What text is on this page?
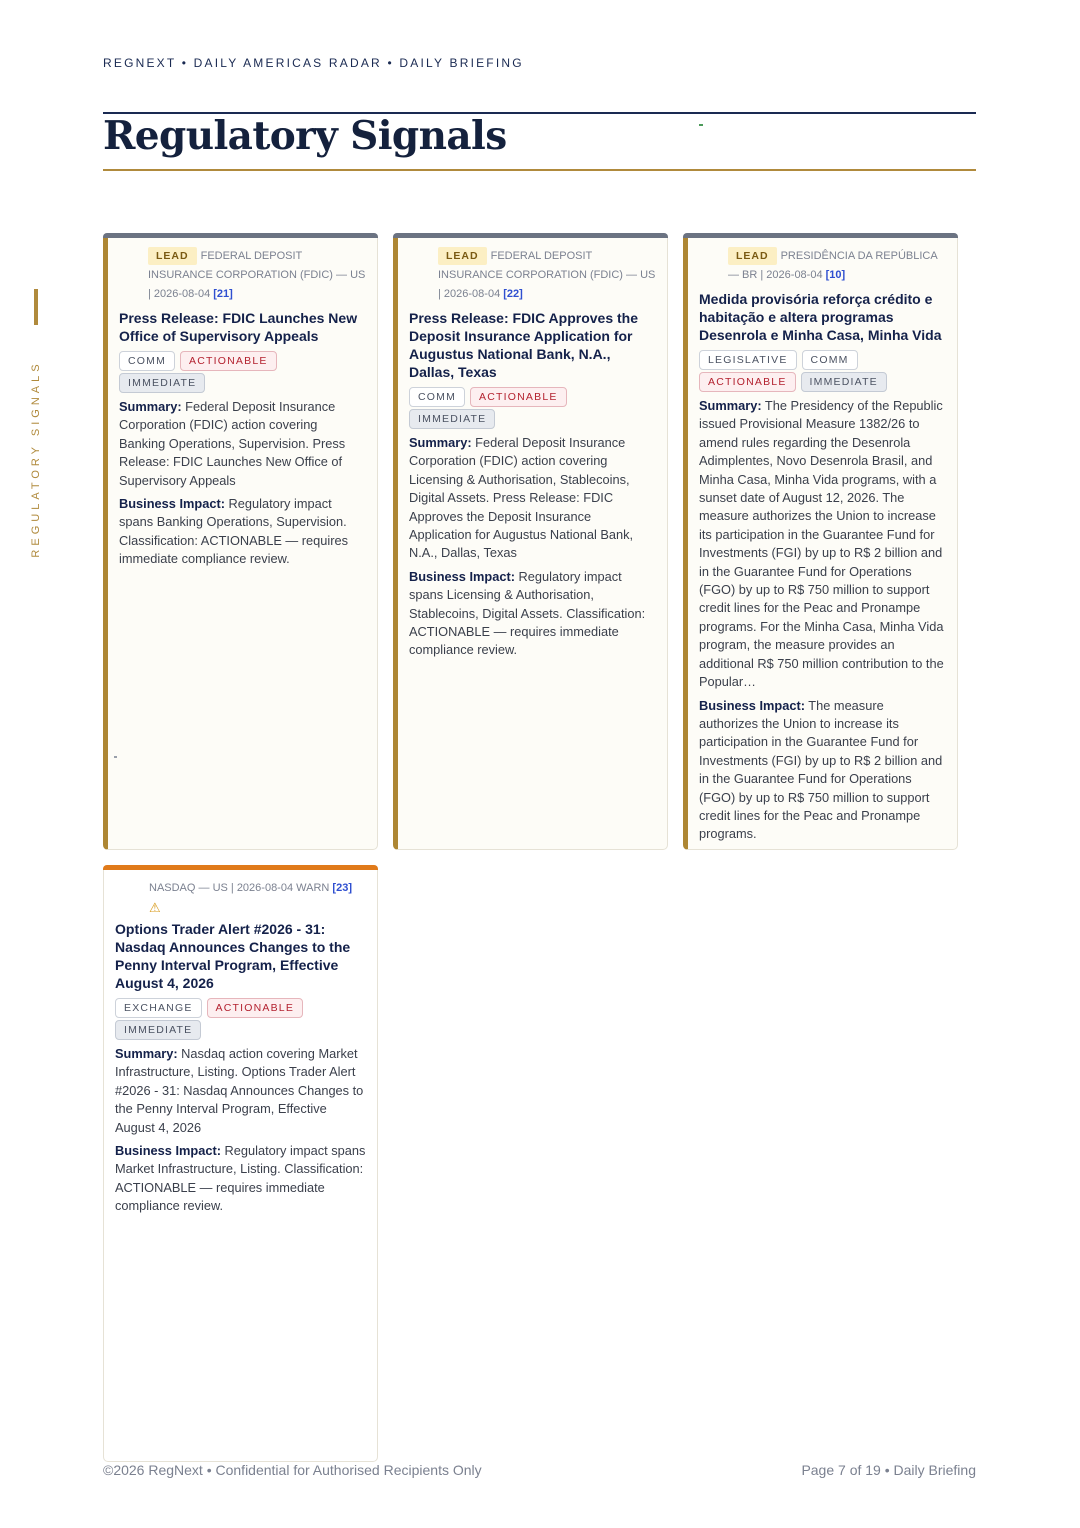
REGNEXT • DAILY AMERICAS RADAR • DAILY BRIEFING
Regulatory Signals
REGULATORY SIGNALS
LEAD FEDERAL DEPOSIT INSURANCE CORPORATION (FDIC) — US | 2026-08-04 [21]
Press Release: FDIC Launches New Office of Supervisory Appeals
COMM ACTIONABLEIMMEDIATE
Summary: Federal Deposit Insurance Corporation (FDIC) action covering Banking Operations, Supervision. Press Release: FDIC Launches New Office of Supervisory Appeals
Business Impact: Regulatory impact spans Banking Operations, Supervision. Classification: ACTIONABLE — requires immediate compliance review.
LEAD FEDERAL DEPOSIT INSURANCE CORPORATION (FDIC) — US | 2026-08-04 [22]
Press Release: FDIC Approves the Deposit Insurance Application for Augustus National Bank, N.A., Dallas, Texas
COMM ACTIONABLEIMMEDIATE
Summary: Federal Deposit Insurance Corporation (FDIC) action covering Licensing & Authorisation, Stablecoins, Digital Assets. Press Release: FDIC Approves the Deposit Insurance Application for Augustus National Bank, N.A., Dallas, Texas
Business Impact: Regulatory impact spans Licensing & Authorisation, Stablecoins, Digital Assets. Classification: ACTIONABLE — requires immediate compliance review.
LEAD PRESIDÊNCIA DA REPÚBLICA — BR | 2026-08-04 [10]
Medida provisória reforça crédito e habitação e altera programas Desenrola e Minha Casa, Minha Vida
LEGISLATIVE COMMACTIONABLE IMMEDIATE
Summary: The Presidency of the Republic issued Provisional Measure 1382/26 to amend rules regarding the Desenrola Adimplentes, Novo Desenrola Brasil, and Minha Casa, Minha Vida programs, with a sunset date of August 12, 2026. The measure authorizes the Union to increase its participation in the Guarantee Fund for Investments (FGI) by up to R$ 2 billion and in the Guarantee Fund for Operations (FGO) by up to R$ 750 million to support credit lines for the Peac and Pronampe programs. For the Minha Casa, Minha Vida program, the measure provides an additional R$ 750 million contribution to the Popular…
Business Impact: The measure authorizes the Union to increase its participation in the Guarantee Fund for Investments (FGI) by up to R$ 2 billion and in the Guarantee Fund for Operations (FGO) by up to R$ 750 million to support credit lines for the Peac and Pronampe programs.
NASDAQ — US | 2026-08-04 WARN [23]
⚠
Options Trader Alert #2026 - 31: Nasdaq Announces Changes to the Penny Interval Program, Effective August 4, 2026
EXCHANGE ACTIONABLEIMMEDIATE
Summary: Nasdaq action covering Market Infrastructure, Listing. Options Trader Alert #2026 - 31: Nasdaq Announces Changes to the Penny Interval Program, Effective August 4, 2026
Business Impact: Regulatory impact spans Market Infrastructure, Listing. Classification: ACTIONABLE — requires immediate compliance review.
©2026 RegNext • Confidential for Authorised Recipients Only	Page 7 of 19 • Daily Briefing
